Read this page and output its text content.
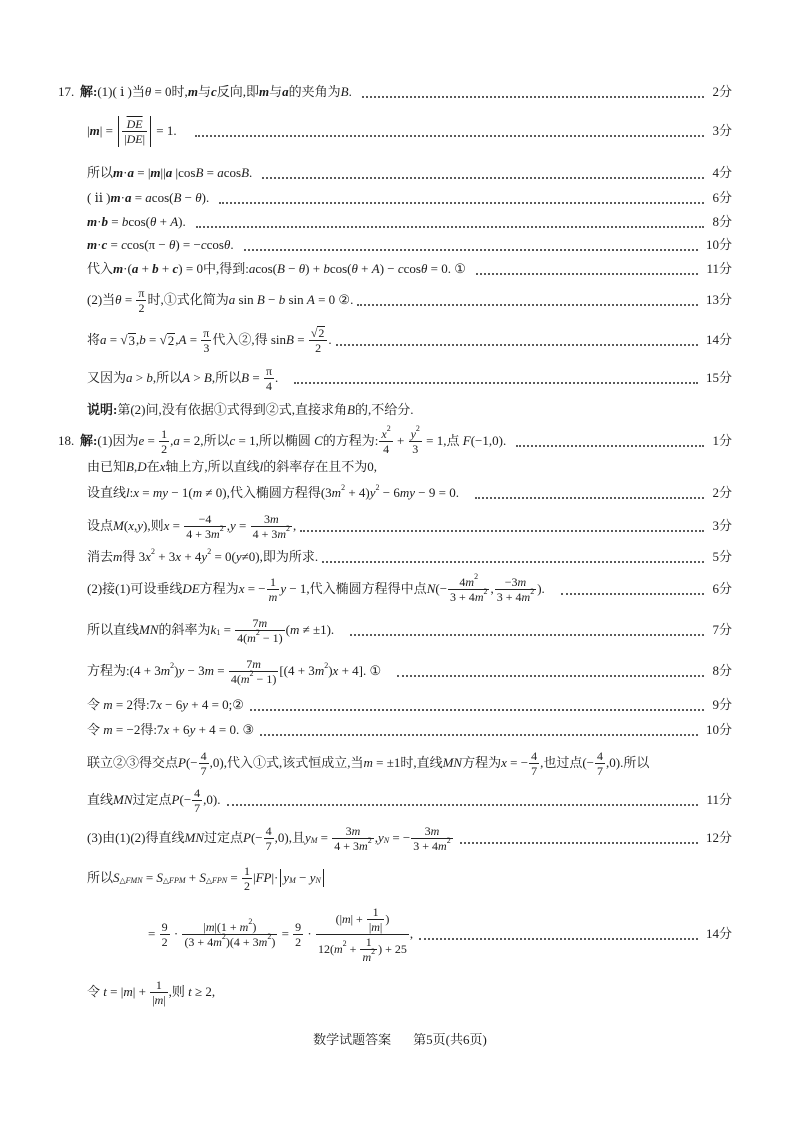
17. 解: (1)( ⅰ )当 θ = 0时, m 与 c 反向,即 m 与 a 的夹角为 B .	2分
| m | = $\frac{\overline{DE}}{| \overline{DE} |} = 1$.	3分
所以 m · a = | m || a |cos B = a cos B .	4分
( ⅱ ) m · a = a cos( B − θ ).	6分
m · b = b cos( θ + A ).	8分
m · c = c cos(π − θ ) = − c cos θ .	10分
代入 m ·( a + b + c ) = 0中,得到: a cos( B − θ ) + b cos( θ + A ) − c cos θ = 0. ①	11分
(2)当 $\theta = \frac{\pi}{2}$ 时,①式化简为 a sin B − b sin A = 0 ②.	13分
将 a = √ 3 , b = √ 2 , $A = \frac{\pi}{3}$ 代入②,得 $\sin B = \frac{√ 2}{2}$ .	14分
又因为 a > b ,所以 A > B ,所以 $B = \frac{\pi}{4}$ .	15分
说明: 第(2)问,没有依据①式得到②式,直接求角 B 的,不给分.
18. 解: (1)因为 $e = \frac{1}{2}$ , a = 2,所以 c = 1,所以椭圆 C 的方程为: $\frac{x 2}{4} + \frac{y 2}{3} = 1$,点 F (−1,0).	1分
由已知 B , D 在 x 轴上方,所以直线 l 的斜率存在且不为0,
设直线 l : x = my − 1( m ≠ 0),代入椭圆方程得(3 m 2 + 4) y 2 − 6 my − 9 = 0.	2分
设点 M ( x , y ),则 $x = \frac{-4}{4 + 3 m 2}$ , $y = \frac{3 m}{4 + 3 m 2}$ ,	3分
消去 m 得 3 x 2 + 3 x + 4 y 2 = 0( y ≠0),即为所求.	5分
(2)接(1)可设垂线 DE 方程为 x = − $\frac{1}{m}$ y − 1,代入椭圆方程得中点 N (− $\frac{4 m 2}{3 + 4 m 2}$ , $\frac{-3 m}{3 + 4 m 2}$ ).	6分
所以直线 MN 的斜率为 k $1 = \frac{7 m}{4( m 2 - 1)}$ ( m ≠ ±1).	7分
方程为:(4 + 3 m 2 ) y − 3 $m = \frac{7 m}{4( m 2 - 1)} [(4 + 3$ m 2 ) x + 4]. ①	8分
令 m = 2得:7 x − 6 y + 4 = 0;②	9分
令 m = −2得:7 x + 6 y + 4 = 0. ③	10分
联立②③得交点 P (− $\frac{4}{7} ,0$),代入①式,该式恒成立,当 m = ±1时,直线 MN 方程为 x = − $\frac{4}{7}$ ,也过点(− $\frac{4}{7} ,0$).所以
直线 MN 过定点 P (− $\frac{4}{7} ,0$).	11分
(3)由(1)(2)得直线 MN 过定点 P (− $\frac{4}{7} ,0$),且 y $M = \frac{3 m}{4 + 3 m 2}$ , y N = − $\frac{3 m}{3 + 4 m 2}$	12分
所以 S △FMN = S △FPM + S △FPN = $\frac{1}{2}$ | FP |· y M − y N
= $\frac{9}{2} \cdot \frac{| m |(1 + m 2 )}{(3 + 4 m 2 )(4 + 3 m 2 )} = \frac{9}{2} \cdot \frac{(| m | + \frac{1}{| m |} )}{12( m 2 + \frac{1}{m 2} ) + 25}$ ,	14分
令 t = | m | + $\frac{1}{| m |}$ ,则 t ≥ 2,
数学试题答案 第5页(共6页)
